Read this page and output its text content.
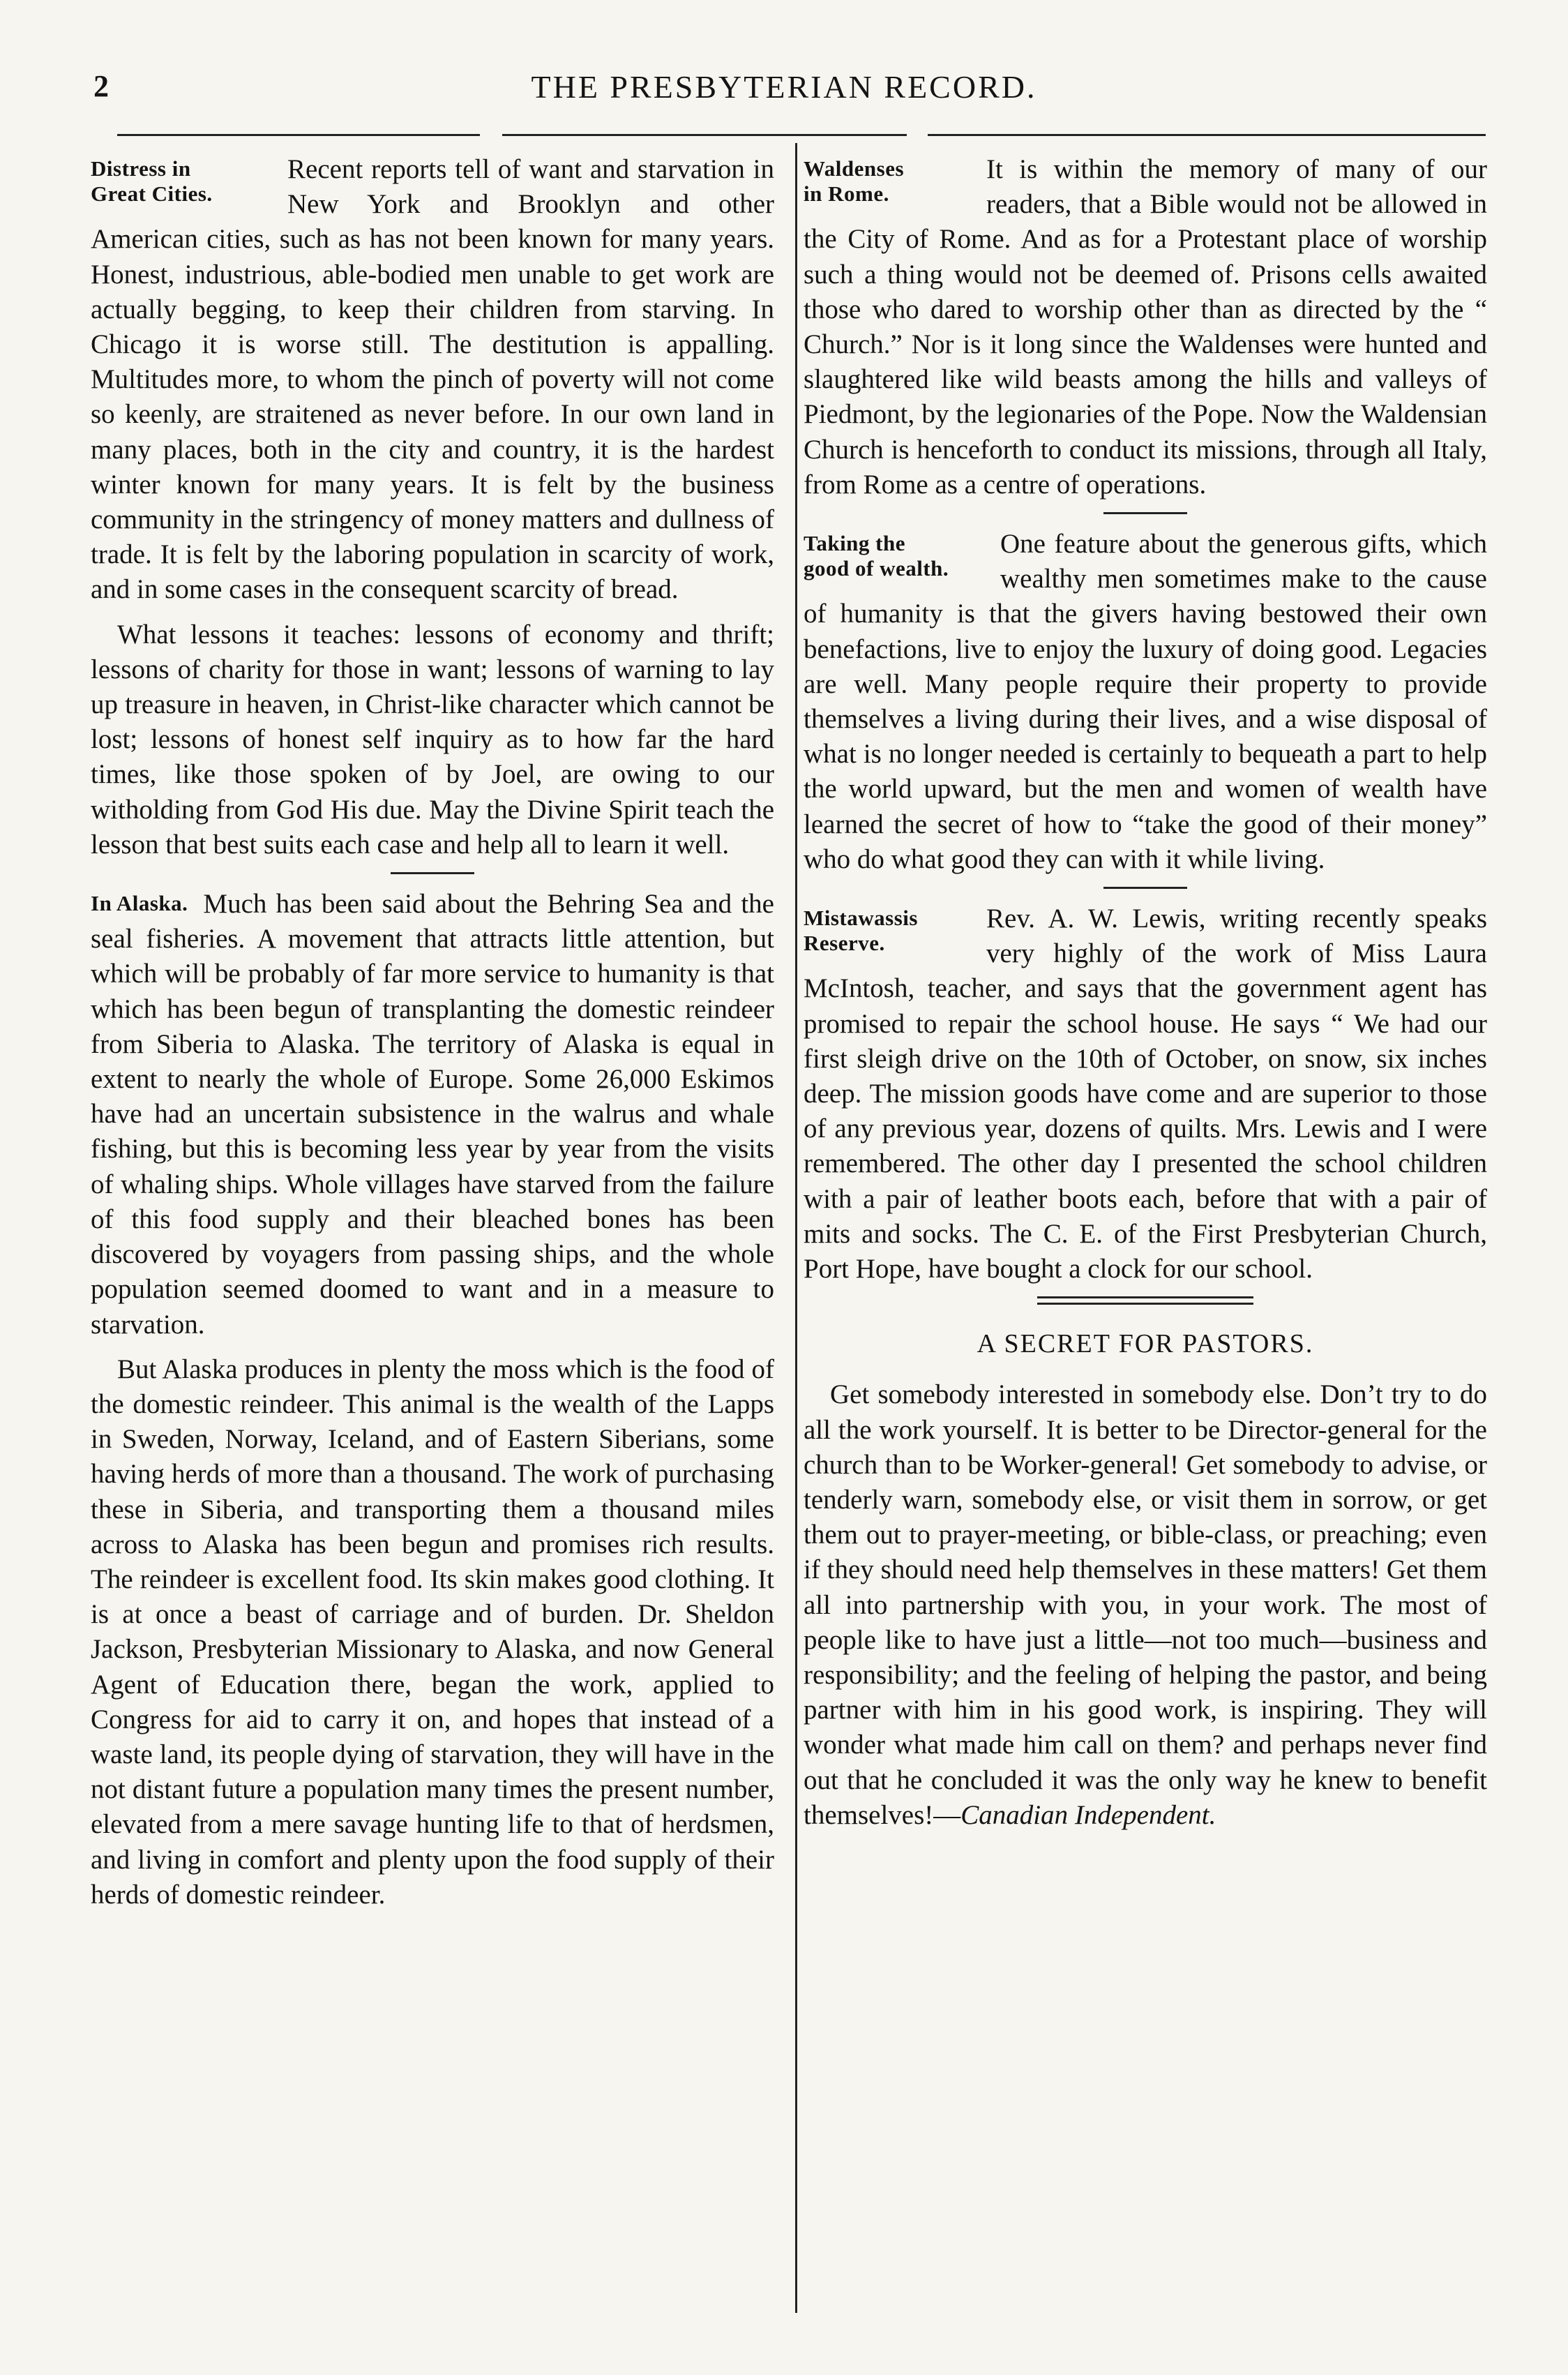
2	THE PRESBYTERIAN RECORD.
Distress in
Great Cities.

Recent reports tell of want and starvation in New York and Brooklyn and other American cities, such as has not been known for many years. Honest, industrious, able-bodied men unable to get work are actually begging, to keep their children from starving. In Chicago it is worse still. The destitution is appalling. Multitudes more, to whom the pinch of poverty will not come so keenly, are straitened as never before. In our own land in many places, both in the city and country, it is the hardest winter known for many years. It is felt by the business community in the stringency of money matters and dullness of trade. It is felt by the laboring population in scarcity of work, and in some cases in the consequent scarcity of bread.

What lessons it teaches: lessons of economy and thrift; lessons of charity for those in want; lessons of warning to lay up treasure in heaven, in Christ-like character which cannot be lost; lessons of honest self inquiry as to how far the hard times, like those spoken of by Joel, are owing to our witholding from God His due. May the Divine Spirit teach the lesson that best suits each case and help all to learn it well.

In Alaska. Much has been said about the Behring Sea and the seal fisheries. A movement that attracts little attention, but which will be probably of far more service to humanity is that which has been begun of transplanting the domestic reindeer from Siberia to Alaska. The territory of Alaska is equal in extent to nearly the whole of Europe. Some 26,000 Eskimos have had an uncertain subsistence in the walrus and whale fishing, but this is becoming less year by year from the visits of whaling ships. Whole villages have starved from the failure of this food supply and their bleached bones has been discovered by voyagers from passing ships, and the whole population seemed doomed to want and in a measure to starvation.

But Alaska produces in plenty the moss which is the food of the domestic reindeer. This animal is the wealth of the Lapps in Sweden, Norway, Iceland, and of Eastern Siberians, some having herds of more than a thousand. The work of purchasing these in Siberia, and transporting them a thousand miles across to Alaska has been begun and promises rich results. The reindeer is excellent food. Its skin makes good clothing. It is at once a beast of carriage and of burden. Dr. Sheldon Jackson, Presbyterian Missionary to Alaska, and now General Agent of Education there, began the work, applied to Congress for aid to carry it on, and hopes that instead of a waste land, its people dying of starvation, they will have in the not distant future a population many times the present number, elevated from a mere savage hunting life to that of herdsmen, and living in comfort and plenty upon the food supply of their herds of domestic reindeer.

Waldenses
in Rome.

It is within the memory of many of our readers, that a Bible would not be allowed in the City of Rome. And as for a Protestant place of worship such a thing would not be deemed of. Prisons cells awaited those who dared to worship other than as directed by the “ Church.” Nor is it long since the Waldenses were hunted and slaughtered like wild beasts among the hills and valleys of Piedmont, by the legionaries of the Pope. Now the Waldensian Church is henceforth to conduct its missions, through all Italy, from Rome as a centre of operations.

Taking the
good of wealth.

One feature about the generous gifts, which wealthy men sometimes make to the cause of humanity is that the givers having bestowed their own benefactions, live to enjoy the luxury of doing good. Legacies are well. Many people require their property to provide themselves a living during their lives, and a wise disposal of what is no longer needed is certainly to bequeath a part to help the world upward, but the men and women of wealth have learned the secret of how to “take the good of their money” who do what good they can with it while living.

Mistawassis
Reserve.

Rev. A. W. Lewis, writing recently speaks very highly of the work of Miss Laura McIntosh, teacher, and says that the government agent has promised to repair the school house. He says “ We had our first sleigh drive on the 10th of October, on snow, six inches deep. The mission goods have come and are superior to those of any previous year, dozens of quilts. Mrs. Lewis and I were remembered. The other day I presented the school children with a pair of leather boots each, before that with a pair of mits and socks. The C. E. of the First Presbyterian Church, Port Hope, have bought a clock for our school.

A SECRET FOR PASTORS.

Get somebody interested in somebody else. Don’t try to do all the work yourself. It is better to be Director-general for the church than to be Worker-general! Get somebody to advise, or tenderly warn, somebody else, or visit them in sorrow, or get them out to prayer-meeting, or bible-class, or preaching; even if they should need help themselves in these matters! Get them all into partnership with you, in your work. The most of people like to have just a little—not too much—business and responsibility; and the feeling of helping the pastor, and being partner with him in his good work, is inspiring. They will wonder what made him call on them? and perhaps never find out that he concluded it was the only way he knew to benefit themselves!—Canadian Independent.
